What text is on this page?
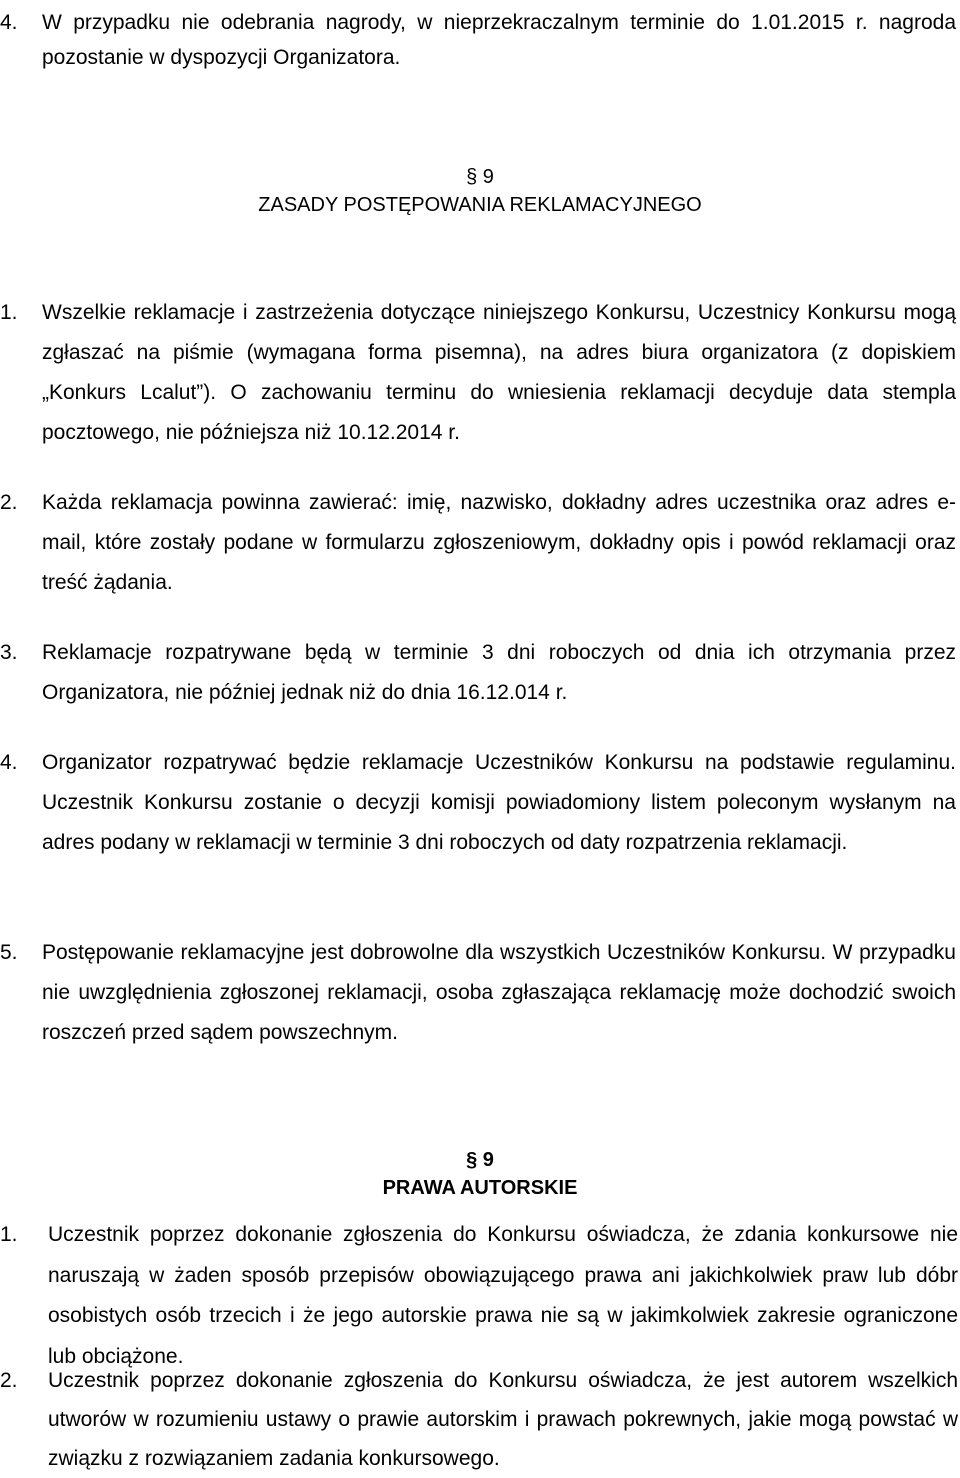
4. W przypadku nie odebrania nagrody, w nieprzekraczalnym terminie do 1.01.2015 r. nagroda pozostanie w dyspozycji Organizatora.
§ 9
ZASADY POSTĘPOWANIA REKLAMACYJNEGO
1. Wszelkie reklamacje i zastrzeżenia dotyczące niniejszego Konkursu, Uczestnicy Konkursu mogą zgłaszać na piśmie (wymagana forma pisemna), na adres biura organizatora (z dopiskiem „Konkurs Lcalut”). O zachowaniu terminu do wniesienia reklamacji decyduje data stempla pocztowego, nie późniejsza niż 10.12.2014 r.
2. Każda reklamacja powinna zawierać: imię, nazwisko, dokładny adres uczestnika oraz adres e-mail, które zostały podane w formularzu zgłoszeniowym, dokładny opis i powód reklamacji oraz treść żądania.
3. Reklamacje rozpatrywane będą w terminie 3 dni roboczych od dnia ich otrzymania przez Organizatora, nie później jednak niż do dnia 16.12.014 r.
4. Organizator rozpatrywać będzie reklamacje Uczestników Konkursu na podstawie regulaminu. Uczestnik Konkursu zostanie o decyzji komisji powiadomiony listem poleconym wysłanym na adres podany w reklamacji w terminie 3 dni roboczych od daty rozpatrzenia reklamacji.
5. Postępowanie reklamacyjne jest dobrowolne dla wszystkich Uczestników Konkursu. W przypadku nie uwzględnienia zgłoszonej reklamacji, osoba zgłaszająca reklamację może dochodzić swoich roszczeń przed sądem powszechnym.
§ 9
PRAWA AUTORSKIE
1. Uczestnik poprzez dokonanie zgłoszenia do Konkursu oświadcza, że zdania konkursowe nie naruszają w żaden sposób przepisów obowiązującego prawa ani jakichkolwiek praw lub dóbr osobistych osób trzecich i że jego autorskie prawa nie są w jakimkolwiek zakresie ograniczone lub obciążone.
2. Uczestnik poprzez dokonanie zgłoszenia do Konkursu oświadcza, że jest autorem wszelkich utworów w rozumieniu ustawy o prawie autorskim i prawach pokrewnych, jakie mogą powstać w związku z rozwiązaniem zadania konkursowego.
